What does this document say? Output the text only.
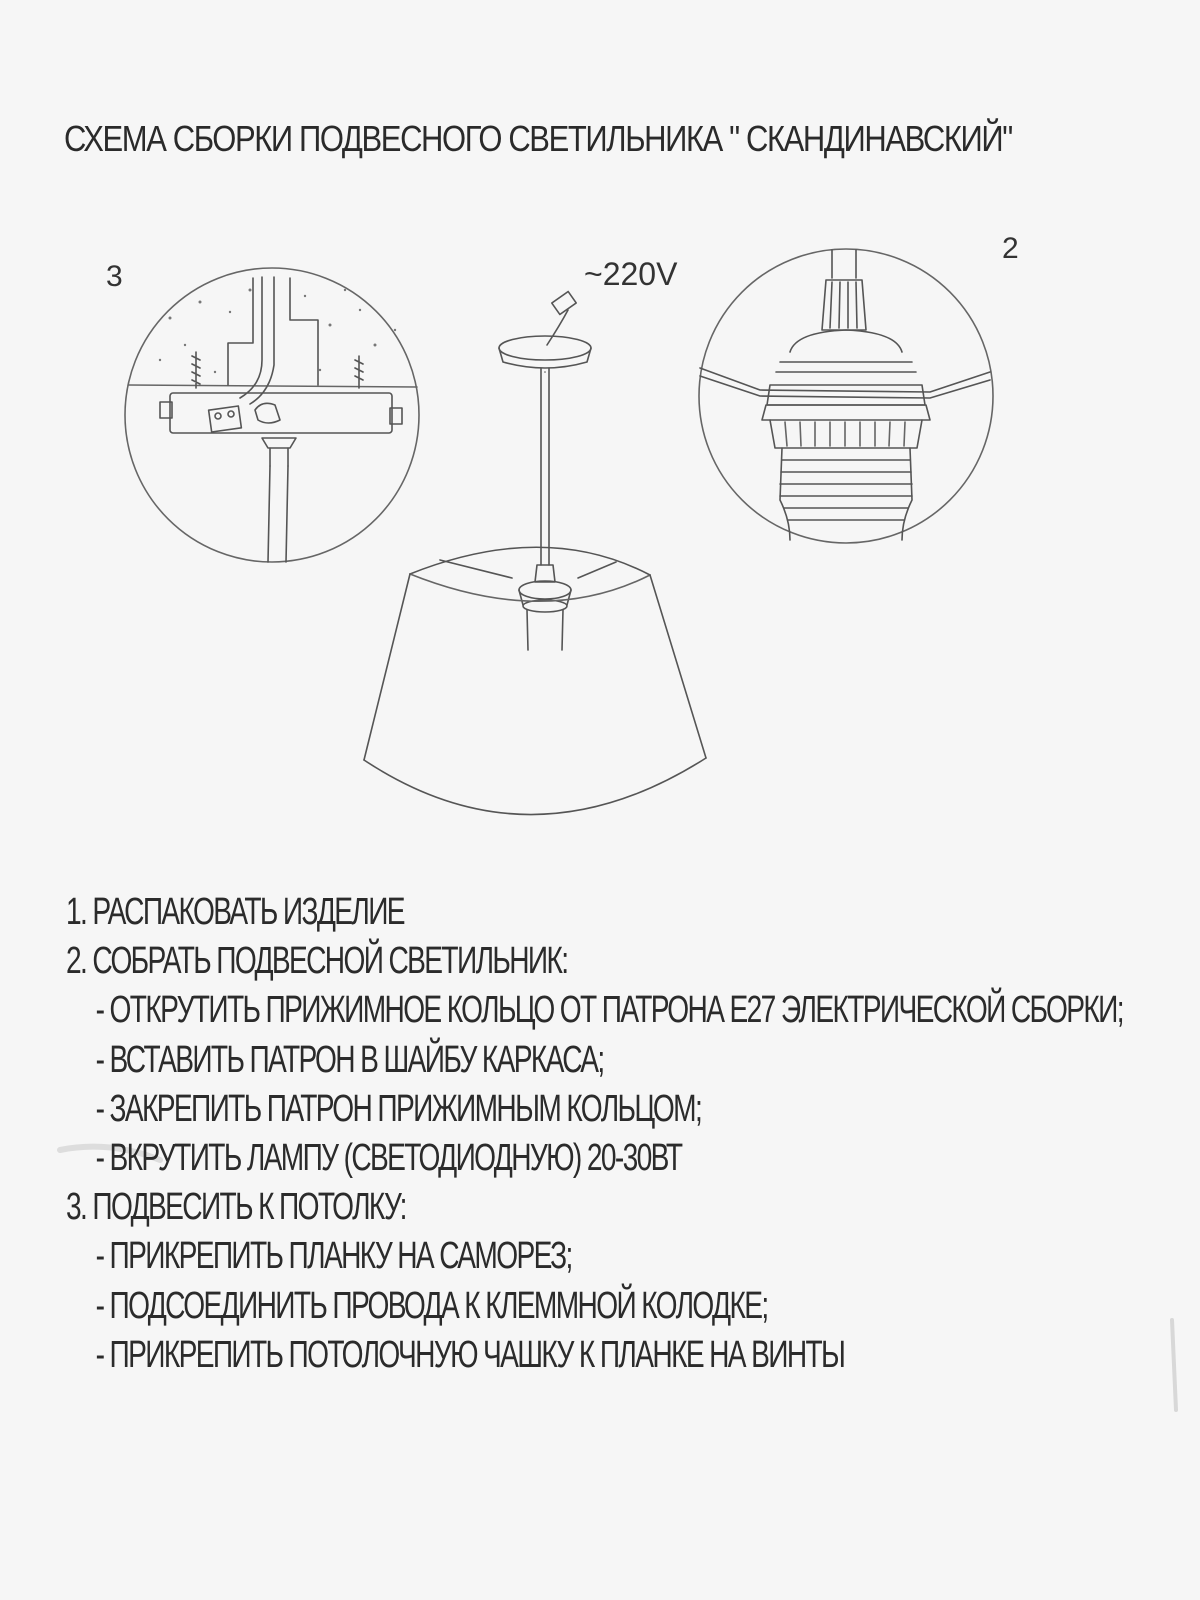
СХЕМА СБОРКИ ПОДВЕСНОГО СВЕТИЛЬНИКА " СКАНДИНАВСКИЙ"
3
2
~220V
1. РАСПАКОВАТЬ ИЗДЕЛИЕ
2. СОБРАТЬ ПОДВЕСНОЙ СВЕТИЛЬНИК:
- ОТКРУТИТЬ ПРИЖИМНОЕ КОЛЬЦО ОТ ПАТРОНА Е27 ЭЛЕКТРИЧЕСКОЙ СБОРКИ;
- ВСТАВИТЬ ПАТРОН В ШАЙБУ КАРКАСА;
- ЗАКРЕПИТЬ ПАТРОН ПРИЖИМНЫМ КОЛЬЦОМ;
- ВКРУТИТЬ ЛАМПУ (СВЕТОДИОДНУЮ) 20-30ВТ
3. ПОДВЕСИТЬ К ПОТОЛКУ:
- ПРИКРЕПИТЬ ПЛАНКУ НА САМОРЕЗ;
- ПОДСОЕДИНИТЬ ПРОВОДА К КЛЕММНОЙ КОЛОДКЕ;
- ПРИКРЕПИТЬ ПОТОЛОЧНУЮ ЧАШКУ К ПЛАНКЕ НА ВИНТЫ
